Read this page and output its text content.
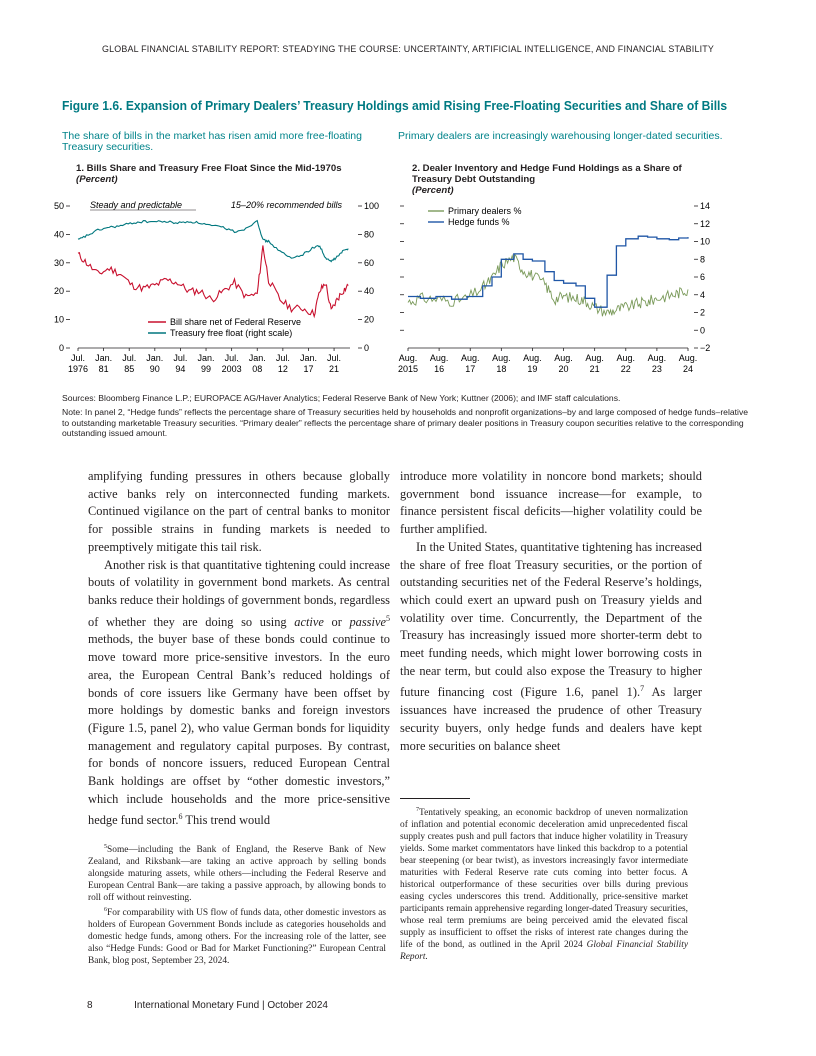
GLOBAL FINANCIAL STABILITY REPORT: STEADYING THE COURSE: UNCERTAINTY, ARTIFICIAL INTELLIGENCE, AND FINANCIAL STABILITY
Figure 1.6. Expansion of Primary Dealers’ Treasury Holdings amid Rising Free-Floating Securities and Share of Bills
The share of bills in the market has risen amid more free-floating Treasury securities.
Primary dealers are increasingly warehousing longer-dated securities.
1. Bills Share and Treasury Free Float Since the Mid-1970s
(Percent)
2. Dealer Inventory and Hedge Fund Holdings as a Share of Treasury Debt Outstanding
(Percent)
0
10
20
30
40
50
0
20
40
60
80
100
Jul.
1976
Jan.
81
Jul.
85
Jan.
90
Jul.
94
Jan.
99
Jul.
2003
Jan.
08
Jul.
12
Jan.
17
Jul.
21
Steady and predictable	15–20% recommended bills
Bill share net of Federal Reserve
Treasury free float (right scale)
−2
0
2
4
6
8
10
12
14
Aug.
2015
Aug.
16
Aug.
17
Aug.
18
Aug.
19
Aug.
20
Aug.
21
Aug.
22
Aug.
23
Aug.
24
Primary dealers %
Hedge funds %
Sources: Bloomberg Finance L.P.; EUROPACE AG/Haver Analytics; Federal Reserve Bank of New York; Kuttner (2006); and IMF staff calculations.
Note: In panel 2, “Hedge funds” reflects the percentage share of Treasury securities held by households and nonprofit organizations–by and large composed of hedge funds–relative to outstanding marketable Treasury securities. “Primary dealer” reflects the percentage share of primary dealer positions in Treasury coupon securities relative to the corresponding outstanding issued amount.

amplifying funding pressures in others because globally active banks rely on interconnected funding markets. Continued vigilance on the part of central banks to monitor for possible strains in funding markets is needed to preemptively mitigate this tail risk.

Another risk is that quantitative tightening could increase bouts of volatility in government bond markets. As central banks reduce their holdings of government bonds, regardless of whether they are doing so using active or passive$^5$ methods, the buyer base of these bonds could continue to move toward more price-sensitive investors. In the euro area, the European Central Bank’s reduced holdings of bonds of core issuers like Germany have been offset by more holdings by domestic banks and foreign investors (Figure 1.5, panel 2), who value German bonds for liquidity management and regulatory capital purposes. By contrast, for bonds of noncore issuers, reduced European Central Bank holdings are offset by “other domestic investors,” which include households and the more price-sensitive hedge fund sector.$^6$ This trend would

introduce more volatility in noncore bond markets; should government bond issuance increase—for example, to finance persistent fiscal deficits—higher volatility could be further amplified.

In the United States, quantitative tightening has increased the share of free float Treasury securities, or the portion of outstanding securities net of the Federal Reserve’s holdings, which could exert an upward push on Treasury yields and volatility over time. Concurrently, the Department of the Treasury has increasingly issued more shorter-term debt to meet funding needs, which might lower borrowing costs in the near term, but could also expose the Treasury to higher future financing cost (Figure 1.6, panel 1).$^7$ As larger issuances have increased the prudence of other Treasury security buyers, only hedge funds and dealers have kept more securities on balance sheet

$^5$Some—including the Bank of England, the Reserve Bank of New Zealand, and Riksbank—are taking an active approach by selling bonds alongside maturing assets, while others—including the Federal Reserve and European Central Bank—are taking a passive approach, by allowing bonds to roll off without reinvesting.

$^6$For comparability with US flow of funds data, other domestic investors as holders of European Government Bonds include as categories households and domestic hedge funds, among others. For the increasing role of the latter, see also “Hedge Funds: Good or Bad for Market Functioning?” European Central Bank, blog post, September 23, 2024.

$^7$Tentatively speaking, an economic backdrop of uneven normalization of inflation and potential economic deceleration amid unprecedented fiscal supply creates push and pull factors that induce higher volatility in Treasury yields. Some market commentators have linked this backdrop to a potential bear steepening (or bear twist), as investors increasingly favor intermediate maturities with Federal Reserve rate cuts coming into better focus. A historical outperformance of these securities over bills during previous easing cycles underscores this trend. Additionally, price-sensitive market participants remain apprehensive regarding longer-dated Treasury securities, whose real term premiums are being perceived amid the elevated fiscal supply as insufficient to offset the risks of interest rate changes during the life of the bond, as outlined in the April 2024 Global Financial Stability Report.

8	International Monetary Fund | October 2024
